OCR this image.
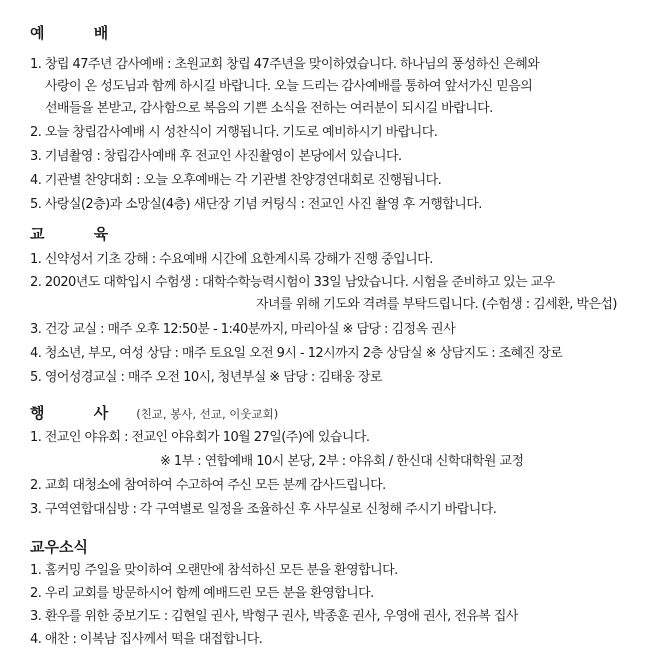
예 배
1. 창립 47주년 감사예배 : 초원교회 창립 47주년을 맞이하였습니다. 하나님의 풍성하신 은혜와
사랑이 온 성도님과 함께 하시길 바랍니다. 오늘 드리는 감사예배를 통하여 앞서가신 믿음의
선배들을 본받고, 감사함으로 복음의 기쁜 소식을 전하는 여러분이 되시길 바랍니다.
2. 오늘 창립감사예배 시 성찬식이 거행됩니다. 기도로 예비하시기 바랍니다.
3. 기념촬영 : 창립감사예배 후 전교인 사진촬영이 본당에서 있습니다.
4. 기관별 찬양대회 : 오늘 오후예배는 각 기관별 찬양경연대회로 진행됩니다.
5. 사랑실(2층)과 소망실(4층) 새단장 기념 커팅식 : 전교인 사진 촬영 후 거행합니다.
교 육
1. 신약성서 기초 강해 : 수요예배 시간에 요한계시록 강해가 진행 중입니다.
2. 2020년도 대학입시 수험생 : 대학수학능력시험이 33일 남았습니다. 시험을 준비하고 있는 교우
자녀를 위해 기도와 격려를 부탁드립니다. (수험생 : 김세환, 박은섭)
3. 건강 교실 : 매주 오후 12:50분 - 1:40분까지, 마리아실 ※ 담당 : 김정옥 권사
4. 청소년, 부모, 여성 상담 : 매주 토요일 오전 9시 - 12시까지 2층 상담실 ※ 상담지도 : 조혜진 장로
5. 영어성경교실 : 매주 오전 10시, 청년부실 ※ 담당 : 김태웅 장로
행 사 (친교, 봉사, 선교, 이웃교회)
1. 전교인 야유회 : 전교인 야유회가 10월 27일(주)에 있습니다.
※ 1부 : 연합예배 10시 본당, 2부 : 야유회 / 한신대 신학대학원 교정
2. 교회 대청소에 참여하여 수고하여 주신 모든 분께 감사드립니다.
3. 구역연합대심방 : 각 구역별로 일정을 조율하신 후 사무실로 신청해 주시기 바랍니다.
교우소식
1. 홈커밍 주일을 맞이하여 오랜만에 참석하신 모든 분을 환영합니다.
2. 우리 교회를 방문하시어 함께 예배드린 모든 분을 환영합니다.
3. 환우를 위한 중보기도 : 김현일 권사, 박형구 권사, 박종훈 권사, 우영애 권사, 전유복 집사
4. 애찬 : 이복남 집사께서 떡을 대접합니다.
